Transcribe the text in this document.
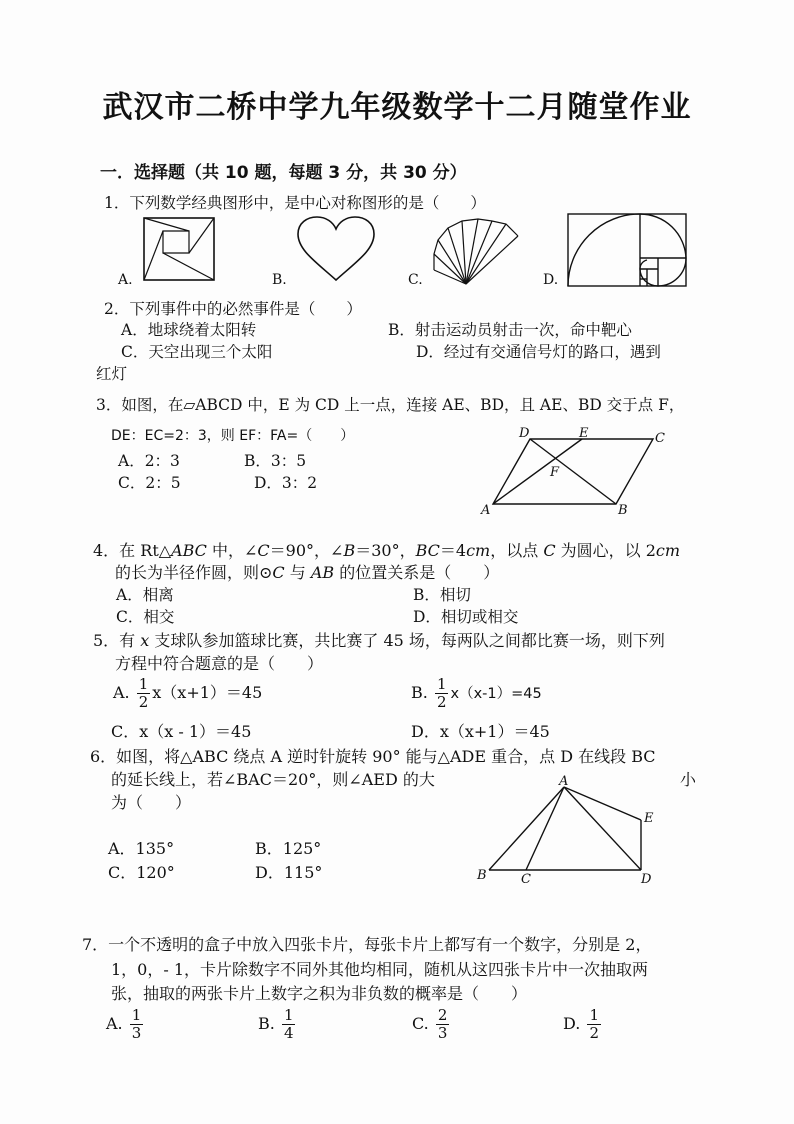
武汉市二桥中学九年级数学十二月随堂作业
一．选择题（共 10 题，每题 3 分，共 30 分）
1．下列数学经典图形中，是中心对称图形的是（　　）
A.	B.	C.	D.
2．下列事件中的必然事件是（　　）
A．地球绕着太阳转	B．射击运动员射击一次，命中靶心
C．天空出现三个太阳	D．经过有交通信号灯的路口，遇到
红灯
3．如图，在▱ABCD 中，E 为 CD 上一点，连接 AE、BD，且 AE、BD 交于点 F，
DE：EC=2：3，则 EF：FA=（　　）
A．2：3	B．3：5
C．2：5	D．3：2
D	E	C
F
A	B
4．在 Rt△ABC 中，∠C＝90°，∠B＝30°，BC＝4cm，以点 C 为圆心，以 2cm
的长为半径作圆，则⊙C 与 AB 的位置关系是（　　）
A．相离	B．相切
C．相交	D．相切或相交
5．有 x 支球队参加篮球比赛，共比赛了 45 场，每两队之间都比赛一场，则下列
方程中符合题意的是（　　）
A. $\frac{1}{2} x(x+1)=45$	B. $\frac{1}{2} x(x-1)=45$
C．x（x - 1）＝45	D．x（x+1）＝45
6．如图，将△ABC 绕点 A 逆时针旋转 90° 能与△ADE 重合，点 D 在线段 BC
的延长线上，若∠BAC＝20°，则∠AED 的大	小
为（　　）
A．135°	B．125°
C．120°	D．115°
A
E
B	C	D
7．一个不透明的盒子中放入四张卡片，每张卡片上都写有一个数字，分别是 2，
1，0，- 1，卡片除数字不同外其他均相同，随机从这四张卡片中一次抽取两
张，抽取的两张卡片上数字之积为非负数的概率是（　　）
A. $\frac{1}{3}$	B. $\frac{1}{4}$	C. $\frac{2}{3}$	D. $\frac{1}{2}$
